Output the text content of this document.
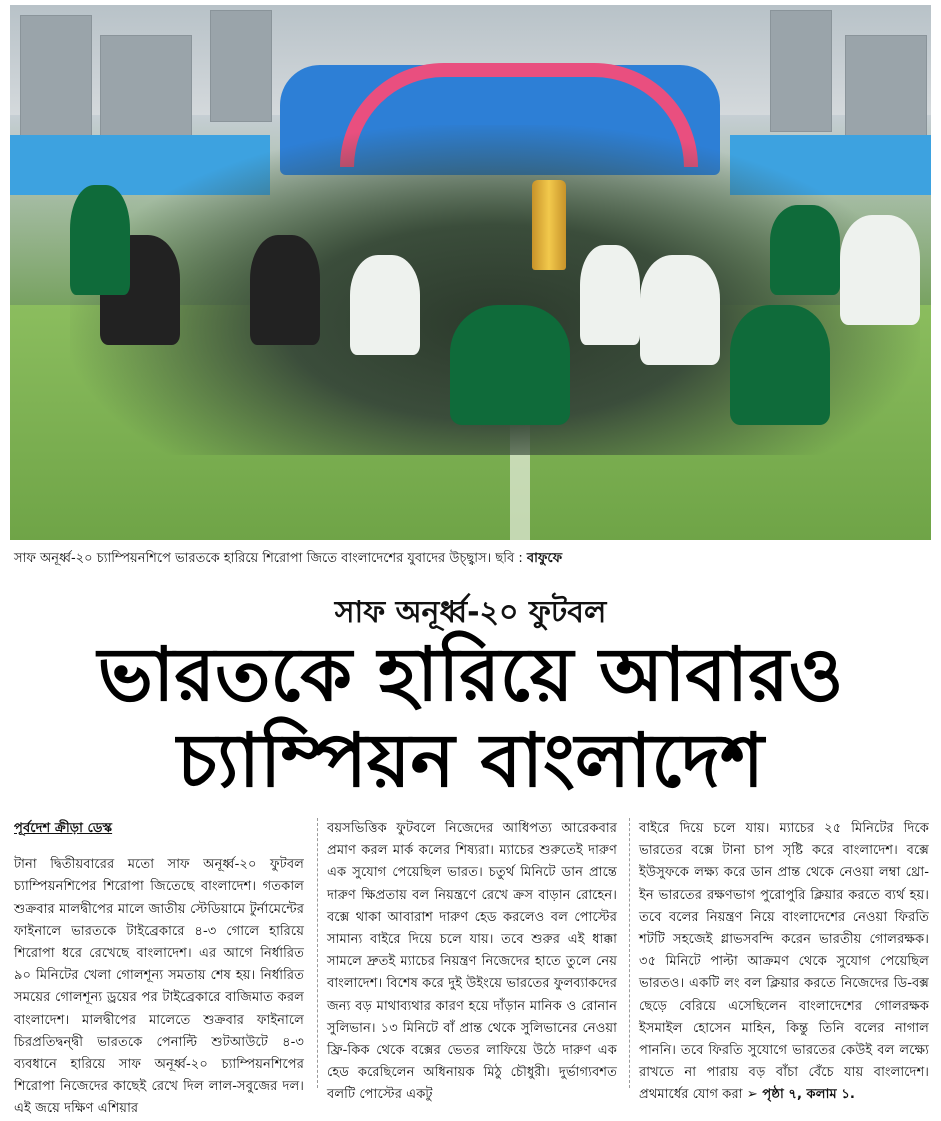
সাফ অনূর্ধ্ব-২০ চ্যাম্পিয়নশিপে ভারতকে হারিয়ে শিরোপা জিতে বাংলাদেশের যুবাদের উচ্ছ্বাস। ছবি : বাফুফে
সাফ অনূর্ধ্ব-২০ ফুটবল
ভারতকে হারিয়ে আবারও
চ্যাম্পিয়ন বাংলাদেশ

পূর্বদেশ ক্রীড়া ডেস্ক

টানা দ্বিতীয়বারের মতো সাফ অনূর্ধ্ব-২০ ফুটবল চ্যাম্পিয়নশিপের শিরোপা জিতেছে বাংলাদেশ। গতকাল শুক্রবার মালদ্বীপের মালে জাতীয় স্টেডিয়ামে টুর্নামেন্টের ফাইনালে ভারতকে টাইব্রেকারে ৪-৩ গোলে হারিয়ে শিরোপা ধরে রেখেছে বাংলাদেশ। এর আগে নির্ধারিত ৯০ মিনিটের খেলা গোলশূন্য সমতায় শেষ হয়। নির্ধারিত সময়ের গোলশূন্য ড্রয়ের পর টাইব্রেকারে বাজিমাত করল বাংলাদেশ। মালদ্বীপের মালেতে শুক্রবার ফাইনালে চিরপ্রতিদ্বন্দ্বী ভারতকে পেনাল্টি শুটআউটে ৪-৩ ব্যবধানে হারিয়ে সাফ অনূর্ধ্ব-২০ চ্যাম্পিয়নশিপের শিরোপা নিজেদের কাছেই রেখে দিল লাল-সবুজের দল। এই জয়ে দক্ষিণ এশিয়ার

বয়সভিত্তিক ফুটবলে নিজেদের আধিপত্য আরেকবার প্রমাণ করল মার্ক কলের শিষ্যরা। ম্যাচের শুরুতেই দারুণ এক সুযোগ পেয়েছিল ভারত। চতুর্থ মিনিটে ডান প্রান্তে দারুণ ক্ষিপ্রতায় বল নিয়ন্ত্রণে রেখে ক্রস বাড়ান রোহেন। বক্সে থাকা আবারাশ দারুণ হেড করলেও বল পোস্টের সামান্য বাইরে দিয়ে চলে যায়। তবে শুরুর এই ধাক্কা সামলে দ্রুতই ম্যাচের নিয়ন্ত্রণ নিজেদের হাতে তুলে নেয় বাংলাদেশ। বিশেষ করে দুই উইংয়ে ভারতের ফুলব্যাকদের জন্য বড় মাথাব্যথার কারণ হয়ে দাঁড়ান মানিক ও রোনান সুলিভান। ১৩ মিনিটে বাঁ প্রান্ত থেকে সুলিভানের নেওয়া ফ্রি-কিক থেকে বক্সের ভেতর লাফিয়ে উঠে দারুণ এক হেড করেছিলেন অধিনায়ক মিঠু চৌধুরী। দুর্ভাগ্যবশত বলটি পোস্টের একটু

বাইরে দিয়ে চলে যায়। ম্যাচের ২৫ মিনিটের দিকে ভারতের বক্সে টানা চাপ সৃষ্টি করে বাংলাদেশ। বক্সে ইউসুফকে লক্ষ্য করে ডান প্রান্ত থেকে নেওয়া লম্বা থ্রো-ইন ভারতের রক্ষণভাগ পুরোপুরি ক্লিয়ার করতে ব্যর্থ হয়। তবে বলের নিয়ন্ত্রণ নিয়ে বাংলাদেশের নেওয়া ফিরতি শটটি সহজেই গ্লাভসবন্দি করেন ভারতীয় গোলরক্ষক। ৩৫ মিনিটে পাল্টা আক্রমণ থেকে সুযোগ পেয়েছিল ভারতও। একটি লং বল ক্লিয়ার করতে নিজেদের ডি-বক্স ছেড়ে বেরিয়ে এসেছিলেন বাংলাদেশের গোলরক্ষক ইসমাইল হোসেন মাহিন, কিন্তু তিনি বলের নাগাল পাননি। তবে ফিরতি সুযোগে ভারতের কেউই বল লক্ষ্যে রাখতে না পারায় বড় বাঁচা বেঁচে যায় বাংলাদেশ। প্রথমার্ধের যোগ করা ➢ পৃষ্ঠা ৭, কলাম ১.
